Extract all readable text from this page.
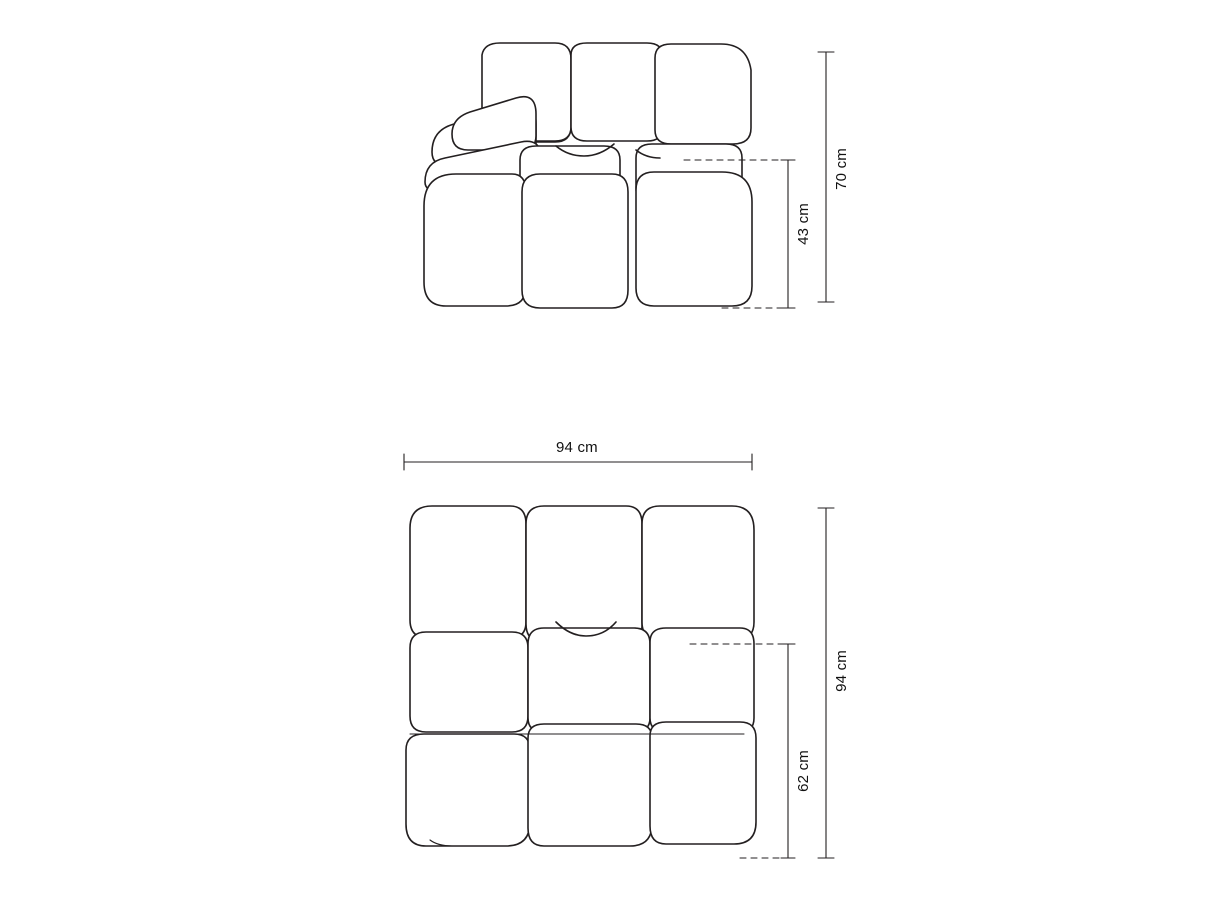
70 cm
43 cm
94 cm
94 cm
62 cm
